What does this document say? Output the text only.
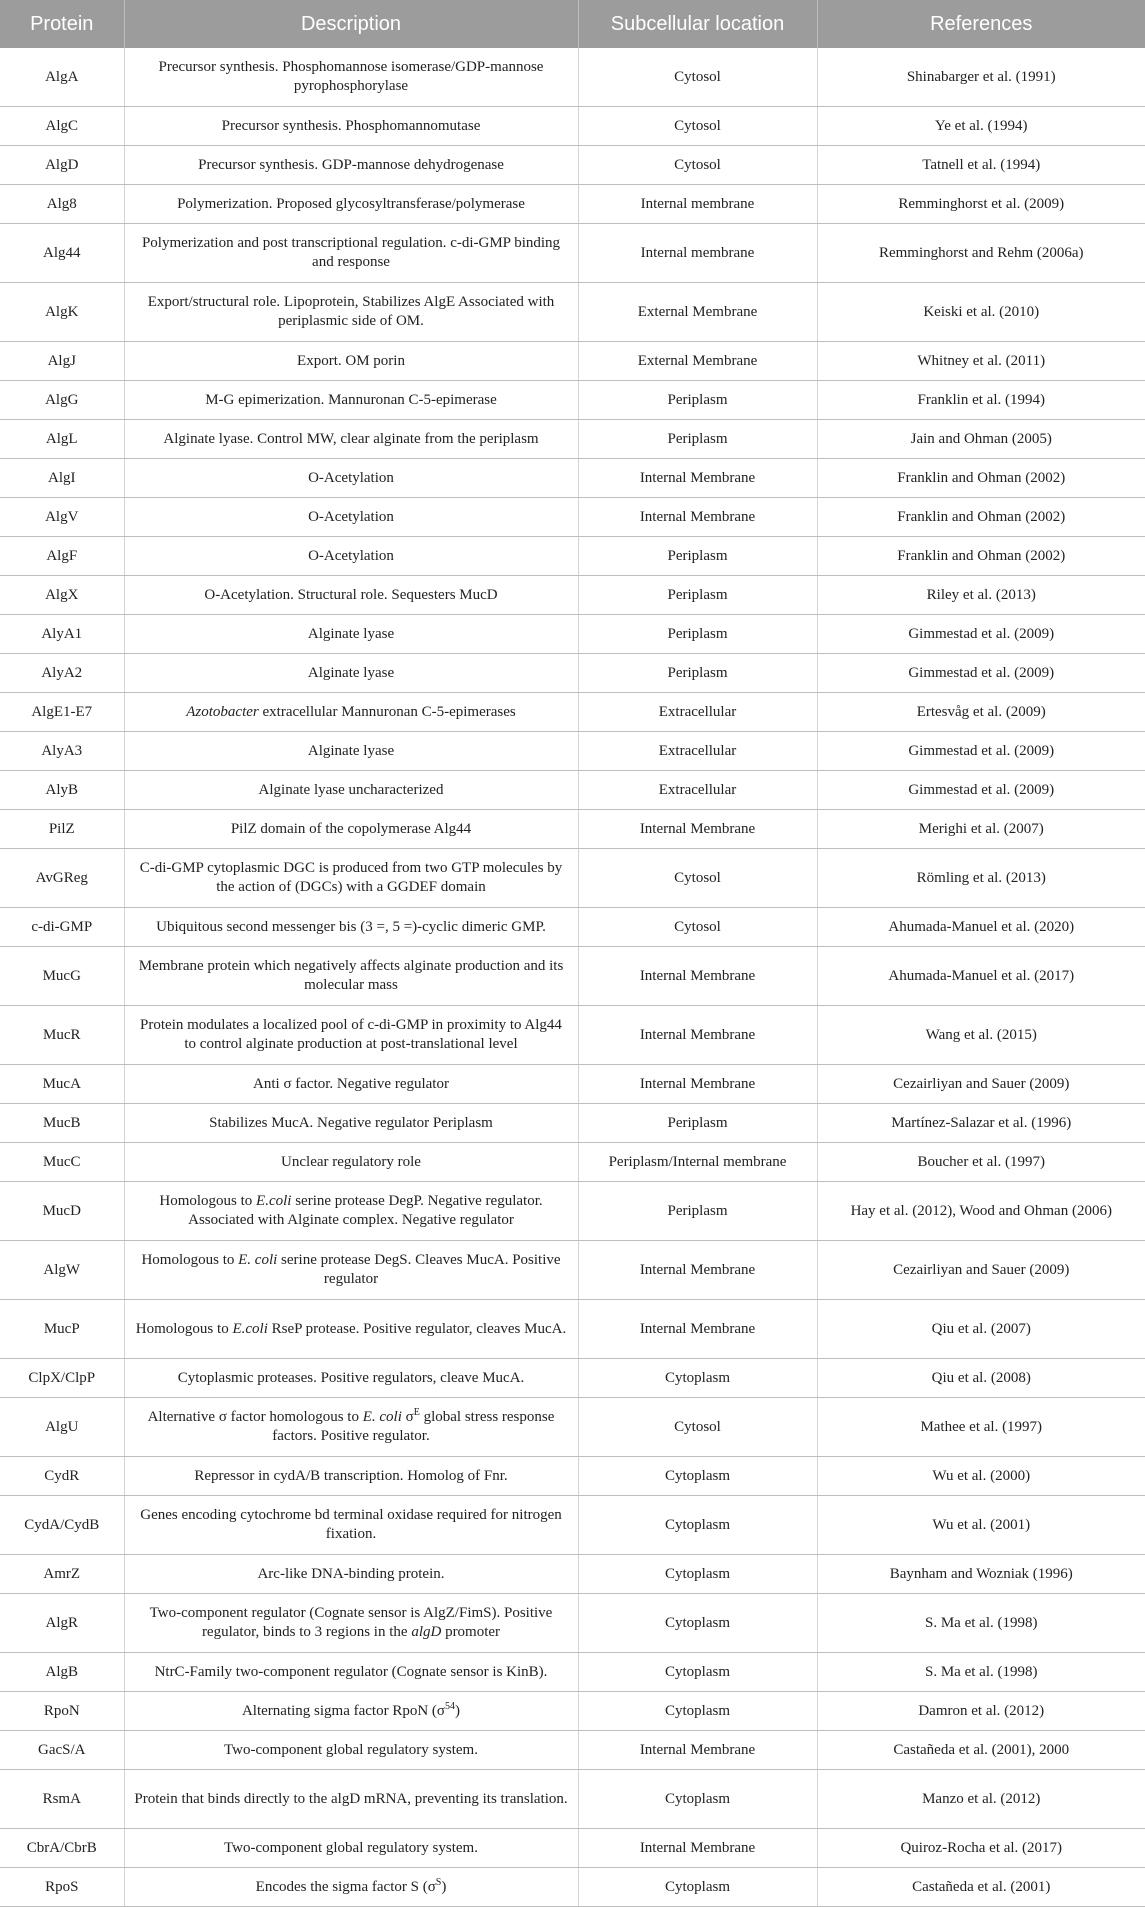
Protein	Description	Subcellular location	References
AlgA	Precursor synthesis. Phosphomannose isomerase/GDP-mannose pyrophosphorylase	Cytosol	Shinabarger et al. (1991)
AlgC	Precursor synthesis. Phosphomannomutase	Cytosol	Ye et al. (1994)
AlgD	Precursor synthesis. GDP-mannose dehydrogenase	Cytosol	Tatnell et al. (1994)
Alg8	Polymerization. Proposed glycosyltransferase/polymerase	Internal membrane	Remminghorst et al. (2009)
Alg44	Polymerization and post transcriptional regulation. c-di-GMP binding and response	Internal membrane	Remminghorst and Rehm (2006a)
AlgK	Export/structural role. Lipoprotein, Stabilizes AlgE Associated with periplasmic side of OM.	External Membrane	Keiski et al. (2010)
AlgJ	Export. OM porin	External Membrane	Whitney et al. (2011)
AlgG	M-G epimerization. Mannuronan C-5-epimerase	Periplasm	Franklin et al. (1994)
AlgL	Alginate lyase. Control MW, clear alginate from the periplasm	Periplasm	Jain and Ohman (2005)
AlgI	O-Acetylation	Internal Membrane	Franklin and Ohman (2002)
AlgV	O-Acetylation	Internal Membrane	Franklin and Ohman (2002)
AlgF	O-Acetylation	Periplasm	Franklin and Ohman (2002)
AlgX	O-Acetylation. Structural role. Sequesters MucD	Periplasm	Riley et al. (2013)
AlyA1	Alginate lyase	Periplasm	Gimmestad et al. (2009)
AlyA2	Alginate lyase	Periplasm	Gimmestad et al. (2009)
AlgE1-E7	Azotobacter extracellular Mannuronan C-5-epimerases	Extracellular	Ertesvåg et al. (2009)
AlyA3	Alginate lyase	Extracellular	Gimmestad et al. (2009)
AlyB	Alginate lyase uncharacterized	Extracellular	Gimmestad et al. (2009)
PilZ	PilZ domain of the copolymerase Alg44	Internal Membrane	Merighi et al. (2007)
AvGReg	C-di-GMP cytoplasmic DGC is produced from two GTP molecules by the action of (DGCs) with a GGDEF domain	Cytosol	Römling et al. (2013)
c-di-GMP	Ubiquitous second messenger bis (3 =, 5 =)-cyclic dimeric GMP.	Cytosol	Ahumada-Manuel et al. (2020)
MucG	Membrane protein which negatively affects alginate production and its molecular mass	Internal Membrane	Ahumada-Manuel et al. (2017)
MucR	Protein modulates a localized pool of c-di-GMP in proximity to Alg44 to control alginate production at post-translational level	Internal Membrane	Wang et al. (2015)
MucA	Anti σ factor. Negative regulator	Internal Membrane	Cezairliyan and Sauer (2009)
MucB	Stabilizes MucA. Negative regulator Periplasm	Periplasm	Martínez-Salazar et al. (1996)
MucC	Unclear regulatory role	Periplasm/Internal membrane	Boucher et al. (1997)
MucD	Homologous to E.coli serine protease DegP. Negative regulator. Associated with Alginate complex. Negative regulator	Periplasm	Hay et al. (2012), Wood and Ohman (2006)
AlgW	Homologous to E. coli serine protease DegS. Cleaves MucA. Positive regulator	Internal Membrane	Cezairliyan and Sauer (2009)
MucP	Homologous to E.coli RseP protease. Positive regulator, cleaves MucA.	Internal Membrane	Qiu et al. (2007)
ClpX/ClpP	Cytoplasmic proteases. Positive regulators, cleave MucA.	Cytoplasm	Qiu et al. (2008)
AlgU	Alternative σ factor homologous to E. coli $\sigma^E$ global stress response factors. Positive regulator.	Cytosol	Mathee et al. (1997)
CydR	Repressor in cydA/B transcription. Homolog of Fnr.	Cytoplasm	Wu et al. (2000)
CydA/CydB	Genes encoding cytochrome bd terminal oxidase required for nitrogen fixation.	Cytoplasm	Wu et al. (2001)
AmrZ	Arc-like DNA-binding protein.	Cytoplasm	Baynham and Wozniak (1996)
AlgR	Two-component regulator (Cognate sensor is AlgZ/FimS). Positive regulator, binds to 3 regions in the algD promoter	Cytoplasm	S. Ma et al. (1998)
AlgB	NtrC-Family two-component regulator (Cognate sensor is KinB).	Cytoplasm	S. Ma et al. (1998)
RpoN	Alternating sigma factor RpoN $(\sigma^{54})$	Cytoplasm	Damron et al. (2012)
GacS/A	Two-component global regulatory system.	Internal Membrane	Castañeda et al. (2001), 2000
RsmA	Protein that binds directly to the algD mRNA, preventing its translation.	Cytoplasm	Manzo et al. (2012)
CbrA/CbrB	Two-component global regulatory system.	Internal Membrane	Quiroz-Rocha et al. (2017)
RpoS	Encodes the sigma factor S $(\sigma^S)$	Cytoplasm	Castañeda et al. (2001)
